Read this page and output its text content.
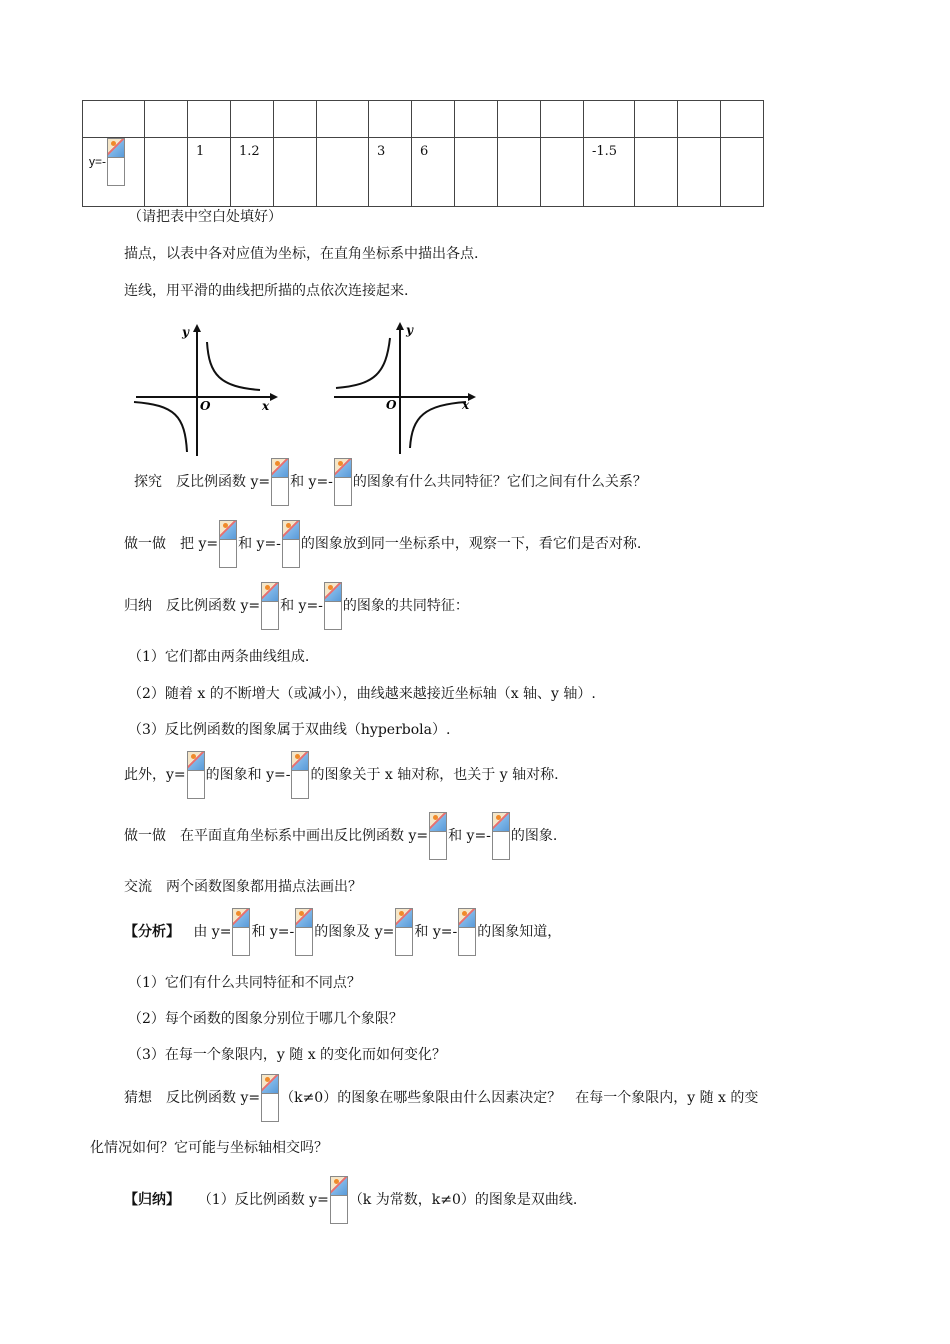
y=-		1	1.2			3	6				-1.5			
（请把表中空白处填好）
描点，以表中各对应值为坐标，在直角坐标系中描出各点.
连线，用平滑的曲线把所描的点依次连接起来.
y
x
O
y
x
O
探究　反比例函数 y= 和 y=- 的图象有什么共同特征？它们之间有什么关系？
做一做　把 y= 和 y=- 的图象放到同一坐标系中，观察一下，看它们是否对称.
归纳　反比例函数 y= 和 y=- 的图象的共同特征：
（1）它们都由两条曲线组成.
（2）随着 x 的不断增大（或减小），曲线越来越接近坐标轴（x 轴、y 轴）.
（3）反比例函数的图象属于双曲线（hyperbola）.
此外，y= 的图象和 y=- 的图象关于 x 轴对称，也关于 y 轴对称.
做一做　在平面直角坐标系中画出反比例函数 y= 和 y=- 的图象.
交流　两个函数图象都用描点法画出？
【分析】 由 y= 和 y=- 的图象及 y= 和 y=- 的图象知道，
（1）它们有什么共同特征和不同点？
（2）每个函数的图象分别位于哪几个象限？
（3）在每一个象限内，y 随 x 的变化而如何变化？
猜想　反比例函数 y= （k≠0）的图象在哪些象限由什么因素决定？　在每一个象限内，y 随 x 的变
化情况如何？它可能与坐标轴相交吗？
【归纳】 （1）反比例函数 y= （k 为常数，k≠0）的图象是双曲线.
